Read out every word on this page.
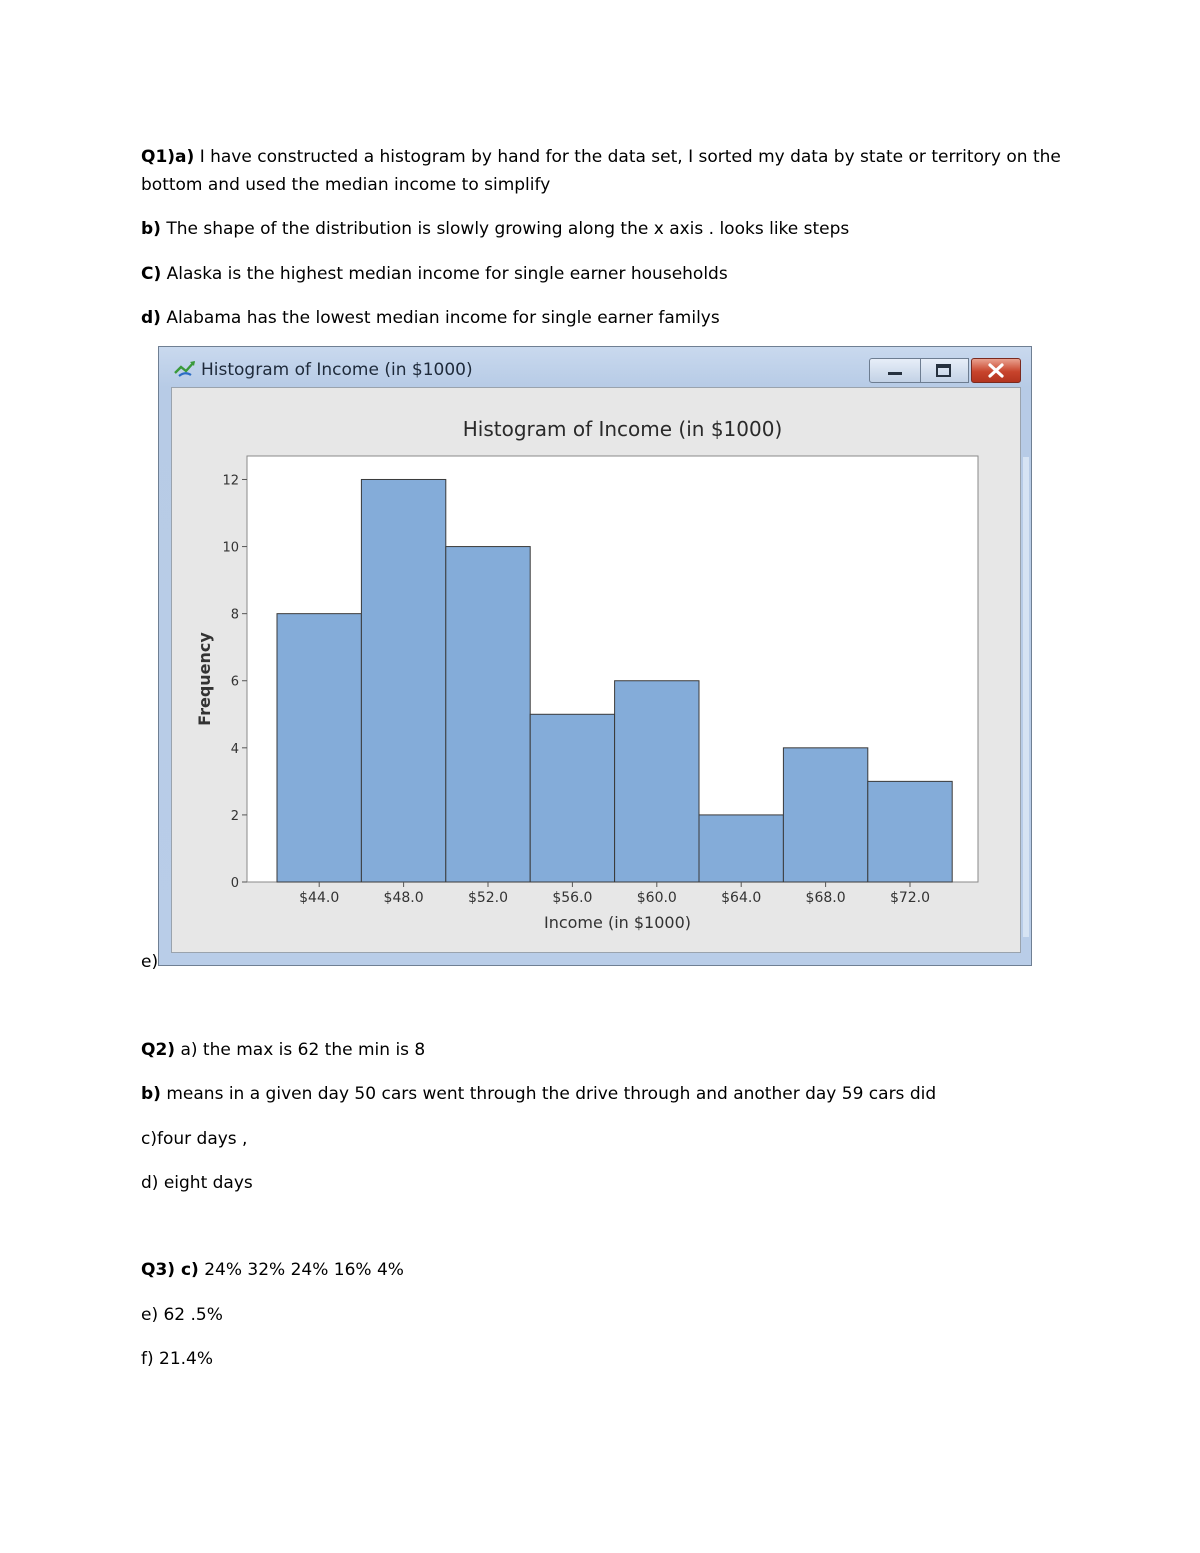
Q1)a) I have constructed a histogram by hand for the data set, I sorted my data by state or territory on the bottom and used the median income to simplify

b) The shape of the distribution is slowly growing along the x axis . looks like steps

C) Alaska is the highest median income for single earner households

d) Alabama has the lowest median income for single earner familys

e)
Histogram of Income (in $1000)
Histogram of Income (in $1000)
0
2
4
6
8
10
12
$44.0	$48.0	$52.0	$56.0	$60.0	$64.0	$68.0	$72.0
Income (in $1000)
Frequency

Q2) a) the max is 62 the min is 8

b) means in a given day 50 cars went through the drive through and another day 59 cars did

c)four days ,

d) eight days

Q3) c) 24% 32% 24% 16% 4%

e) 62 .5%

f) 21.4%
